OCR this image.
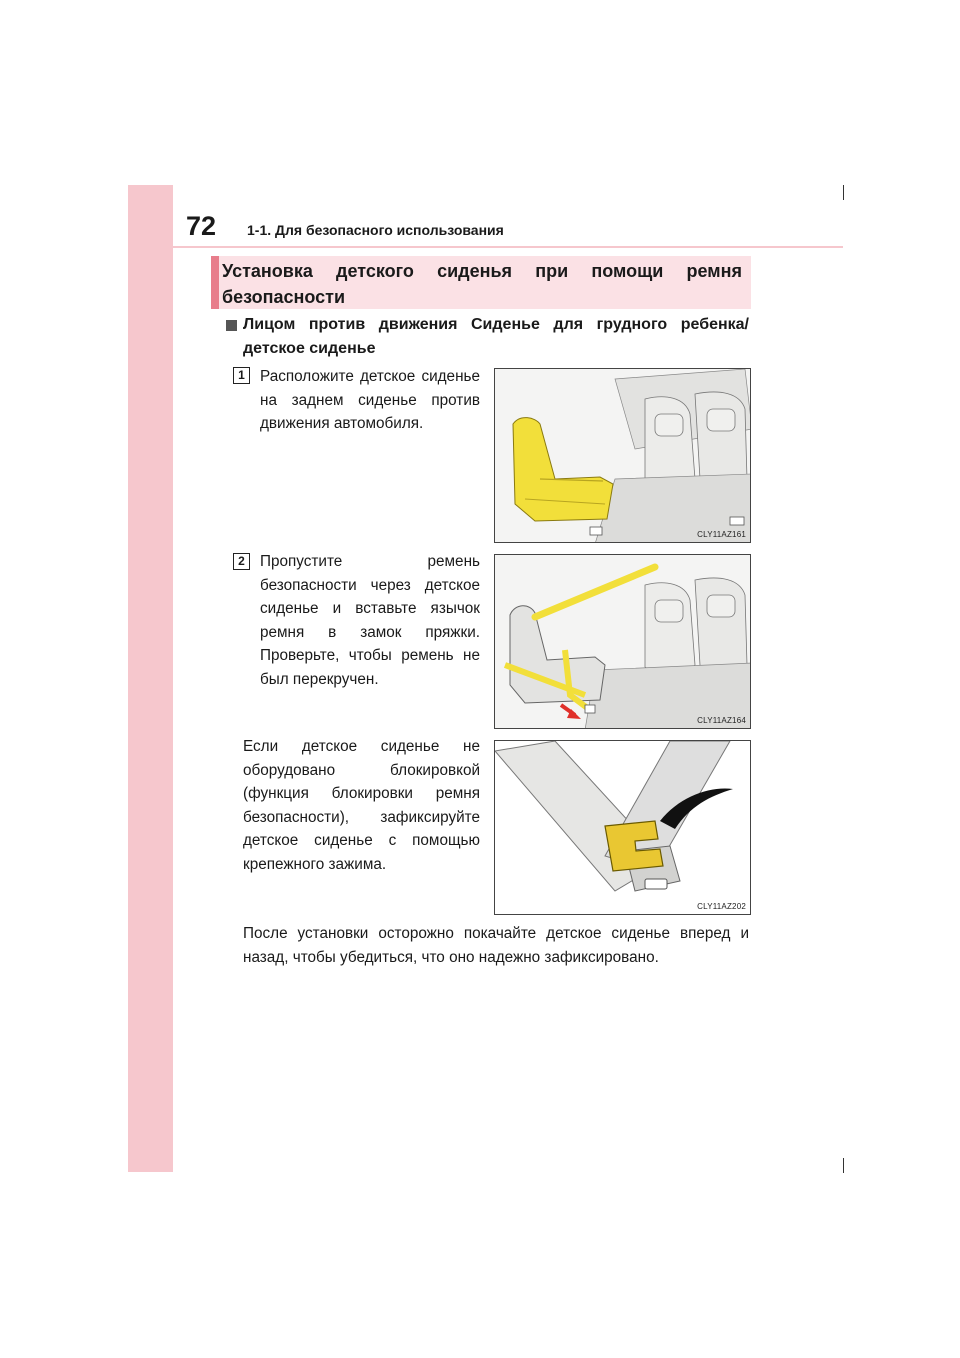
72 1-1. Для безопасного использования
Установка детского сиденья при помощи ремня безопасности
Лицом против движения Сиденье для грудного ребенка/детское сиденье
1 Расположите детское сиденье на заднем сиденье против движения автомобиля.
CLY11AZ161
2 Пропустите ремень безопасности через детское сиденье и вставьте язычок ремня в замок пряжки. Проверьте, чтобы ремень не был перекручен.
CLY11AZ164
Если детское сиденье не оборудовано блокировкой (функция блокировки ремня безопасности), зафиксируйте детское сиденье с помощью крепежного зажима.
CLY11AZ202
После установки осторожно покачайте детское сиденье вперед и назад, чтобы убедиться, что оно надежно зафиксировано.
